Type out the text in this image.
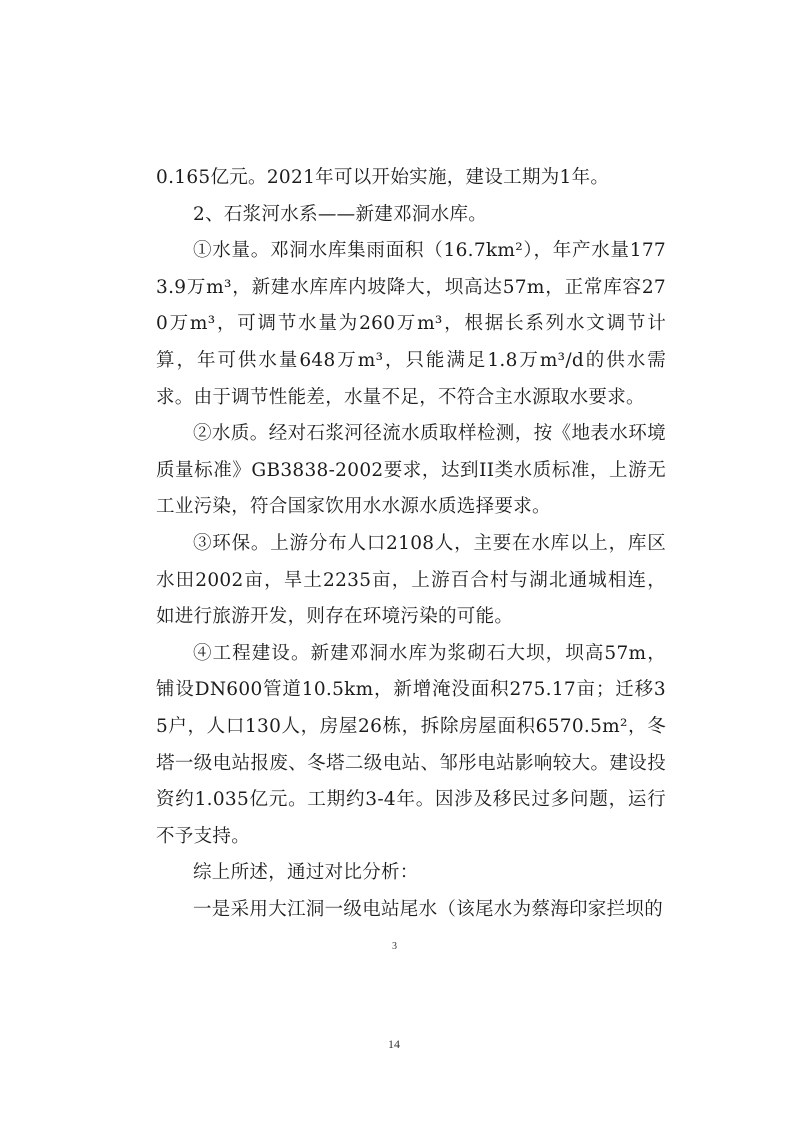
0.165亿元。2021年可以开始实施，建设工期为1年。

2、石浆河水系——新建邓洞水库。

①水量。邓洞水库集雨面积（16.7km²），年产水量1773.9万m³，新建水库库内坡降大，坝高达57m，正常库容270万m³，可调节水量为260万m³，根据长系列水文调节计算，年可供水量648万m³，只能满足1.8万m³/d的供水需求。由于调节性能差，水量不足，不符合主水源取水要求。

②水质。经对石浆河径流水质取样检测，按《地表水环境质量标准》GB3838-2002要求，达到II类水质标准，上游无工业污染，符合国家饮用水水源水质选择要求。

③环保。上游分布人口2108人，主要在水库以上，库区水田2002亩，旱土2235亩，上游百合村与湖北通城相连，如进行旅游开发，则存在环境污染的可能。

④工程建设。新建邓洞水库为浆砌石大坝，坝高57m，铺设DN600管道10.5km，新增淹没面积275.17亩；迁移35户，人口130人，房屋26栋，拆除房屋面积6570.5m²，冬塔一级电站报废、冬塔二级电站、邹彤电站影响较大。建设投资约1.035亿元。工期约3-4年。因涉及移民过多问题，运行不予支持。

综上所述，通过对比分析：

一是采用大江洞一级电站尾水（该尾水为蔡海印家拦坝的

3
14
